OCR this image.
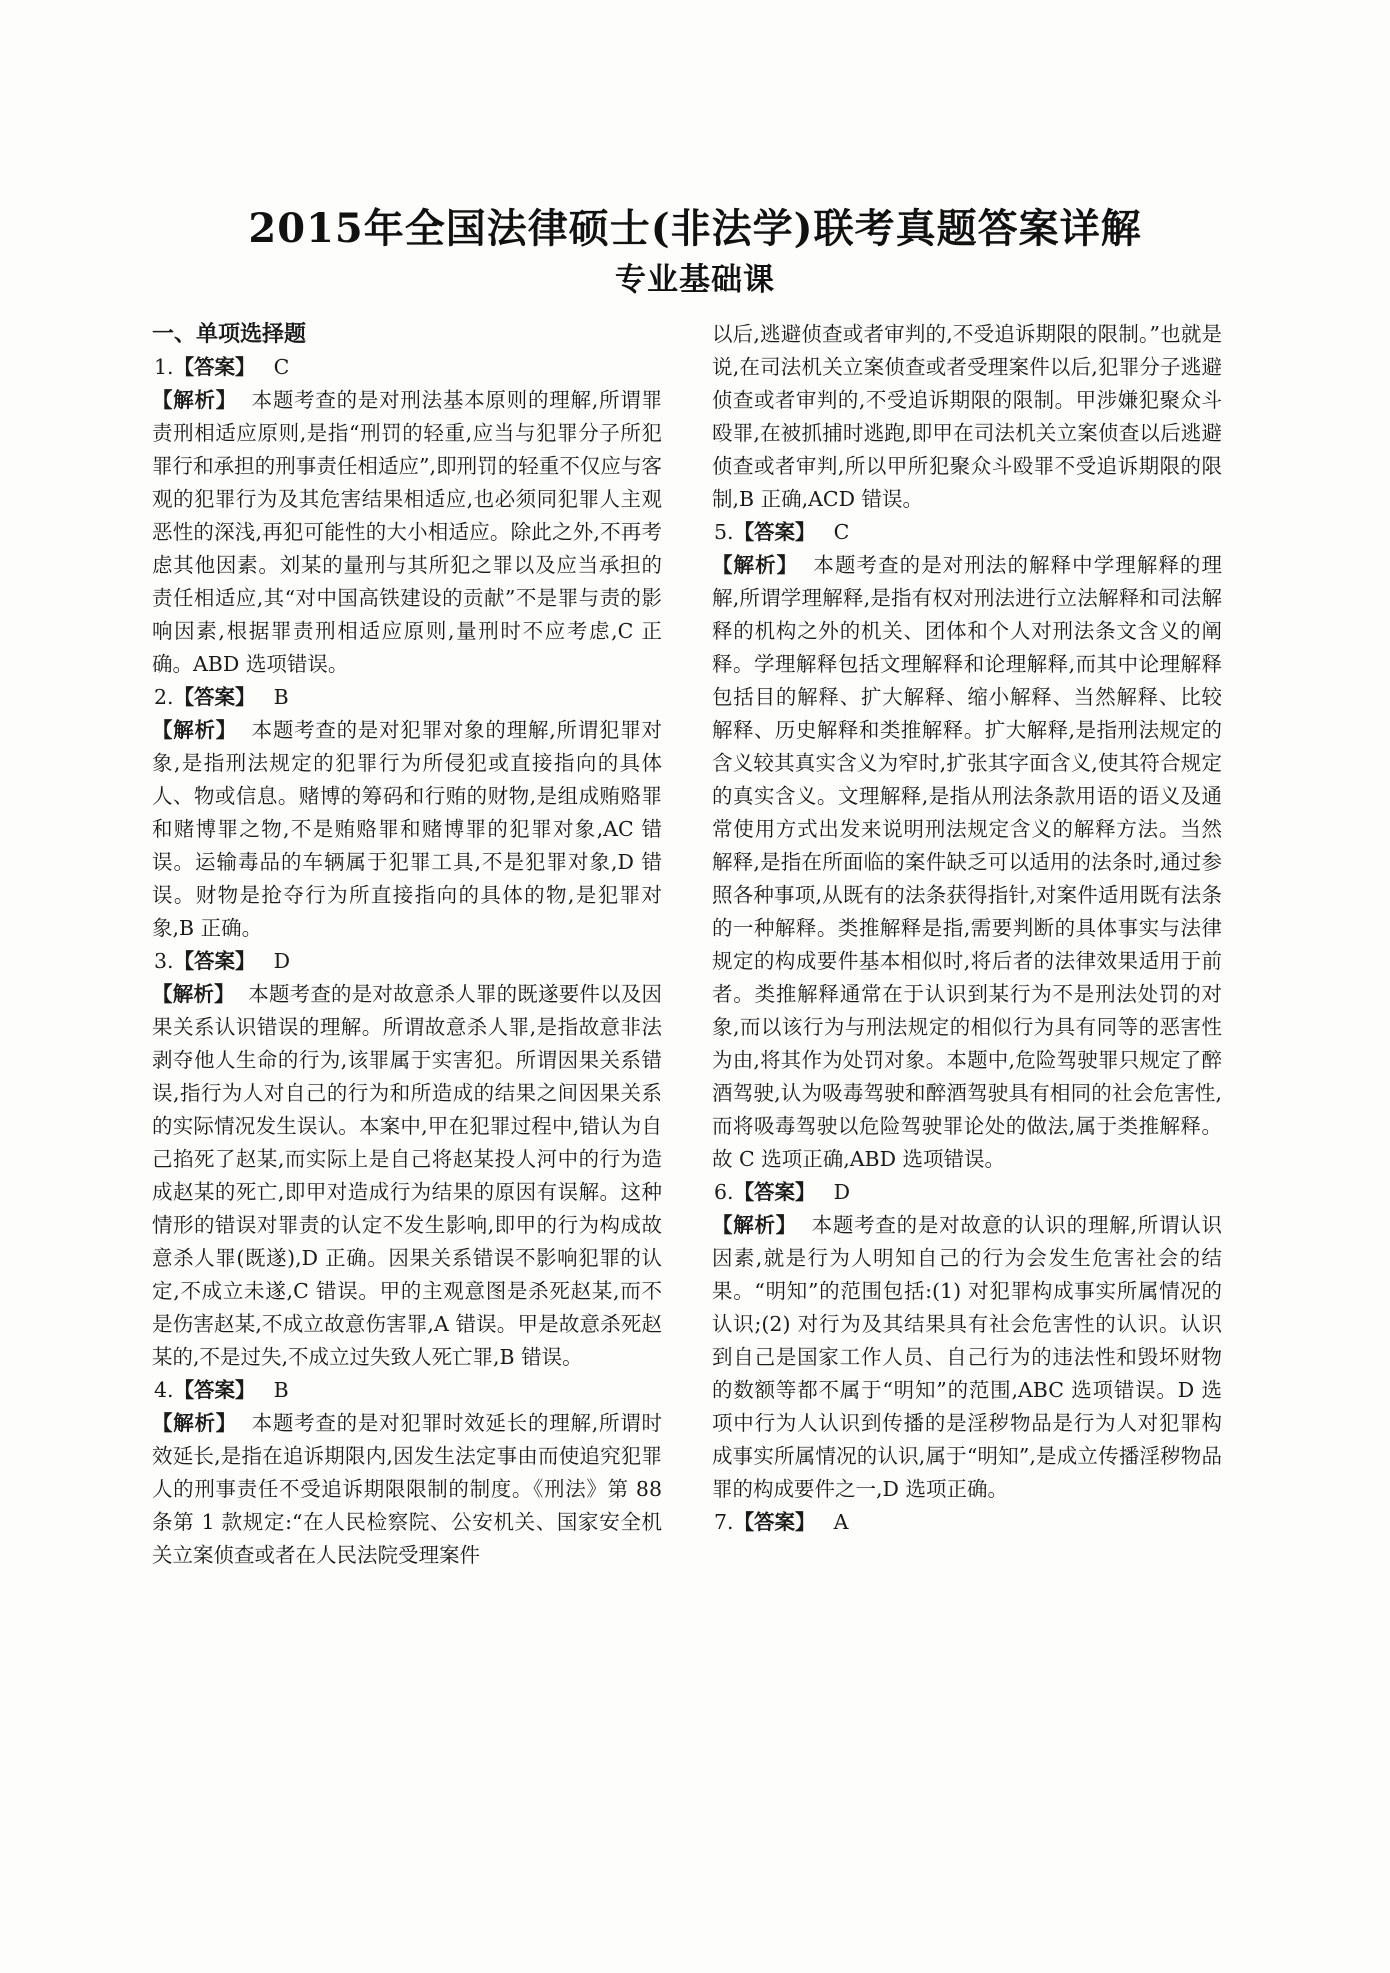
2015年全国法律硕士(非法学)联考真题答案详解
专业基础课

一、单项选择题

1.【答案】 C

【解析】 本题考查的是对刑法基本原则的理解,所谓罪责刑相适应原则,是指“刑罚的轻重,应当与犯罪分子所犯罪行和承担的刑事责任相适应”,即刑罚的轻重不仅应与客观的犯罪行为及其危害结果相适应,也必须同犯罪人主观恶性的深浅,再犯可能性的大小相适应。除此之外,不再考虑其他因素。刘某的量刑与其所犯之罪以及应当承担的责任相适应,其“对中国高铁建设的贡献”不是罪与责的影响因素,根据罪责刑相适应原则,量刑时不应考虑,C 正确。ABD 选项错误。

2.【答案】 B

【解析】 本题考查的是对犯罪对象的理解,所谓犯罪对象,是指刑法规定的犯罪行为所侵犯或直接指向的具体人、物或信息。赌博的筹码和行贿的财物,是组成贿赂罪和赌博罪之物,不是贿赂罪和赌博罪的犯罪对象,AC 错误。运输毒品的车辆属于犯罪工具,不是犯罪对象,D 错误。财物是抢夺行为所直接指向的具体的物,是犯罪对象,B 正确。

3.【答案】 D

【解析】 本题考查的是对故意杀人罪的既遂要件以及因果关系认识错误的理解。所谓故意杀人罪,是指故意非法剥夺他人生命的行为,该罪属于实害犯。所谓因果关系错误,指行为人对自己的行为和所造成的结果之间因果关系的实际情况发生误认。本案中,甲在犯罪过程中,错认为自己掐死了赵某,而实际上是自己将赵某投人河中的行为造成赵某的死亡,即甲对造成行为结果的原因有误解。这种情形的错误对罪责的认定不发生影响,即甲的行为构成故意杀人罪(既遂),D 正确。因果关系错误不影响犯罪的认定,不成立未遂,C 错误。甲的主观意图是杀死赵某,而不是伤害赵某,不成立故意伤害罪,A 错误。甲是故意杀死赵某的,不是过失,不成立过失致人死亡罪,B 错误。

4.【答案】 B

【解析】 本题考查的是对犯罪时效延长的理解,所谓时效延长,是指在追诉期限内,因发生法定事由而使追究犯罪人的刑事责任不受追诉期限限制的制度。《刑法》第 88 条第 1 款规定:“在人民检察院、公安机关、国家安全机关立案侦查或者在人民法院受理案件

以后,逃避侦查或者审判的,不受追诉期限的限制。”也就是说,在司法机关立案侦查或者受理案件以后,犯罪分子逃避侦查或者审判的,不受追诉期限的限制。甲涉嫌犯聚众斗殴罪,在被抓捕时逃跑,即甲在司法机关立案侦查以后逃避侦查或者审判,所以甲所犯聚众斗殴罪不受追诉期限的限制,B 正确,ACD 错误。

5.【答案】 C

【解析】 本题考查的是对刑法的解释中学理解释的理解,所谓学理解释,是指有权对刑法进行立法解释和司法解释的机构之外的机关、团体和个人对刑法条文含义的阐释。学理解释包括文理解释和论理解释,而其中论理解释包括目的解释、扩大解释、缩小解释、当然解释、比较解释、历史解释和类推解释。扩大解释,是指刑法规定的含义较其真实含义为窄时,扩张其字面含义,使其符合规定的真实含义。文理解释,是指从刑法条款用语的语义及通常使用方式出发来说明刑法规定含义的解释方法。当然解释,是指在所面临的案件缺乏可以适用的法条时,通过参照各种事项,从既有的法条获得指针,对案件适用既有法条的一种解释。类推解释是指,需要判断的具体事实与法律规定的构成要件基本相似时,将后者的法律效果适用于前者。类推解释通常在于认识到某行为不是刑法处罚的对象,而以该行为与刑法规定的相似行为具有同等的恶害性为由,将其作为处罚对象。本题中,危险驾驶罪只规定了醉酒驾驶,认为吸毒驾驶和醉酒驾驶具有相同的社会危害性,而将吸毒驾驶以危险驾驶罪论处的做法,属于类推解释。故 C 选项正确,ABD 选项错误。

6.【答案】 D

【解析】 本题考查的是对故意的认识的理解,所谓认识因素,就是行为人明知自己的行为会发生危害社会的结果。“明知”的范围包括:(1) 对犯罪构成事实所属情况的认识;(2) 对行为及其结果具有社会危害性的认识。认识到自己是国家工作人员、自己行为的违法性和毁坏财物的数额等都不属于“明知”的范围,ABC 选项错误。D 选项中行为人认识到传播的是淫秽物品是行为人对犯罪构成事实所属情况的认识,属于“明知”,是成立传播淫秽物品罪的构成要件之一,D 选项正确。

7.【答案】 A
